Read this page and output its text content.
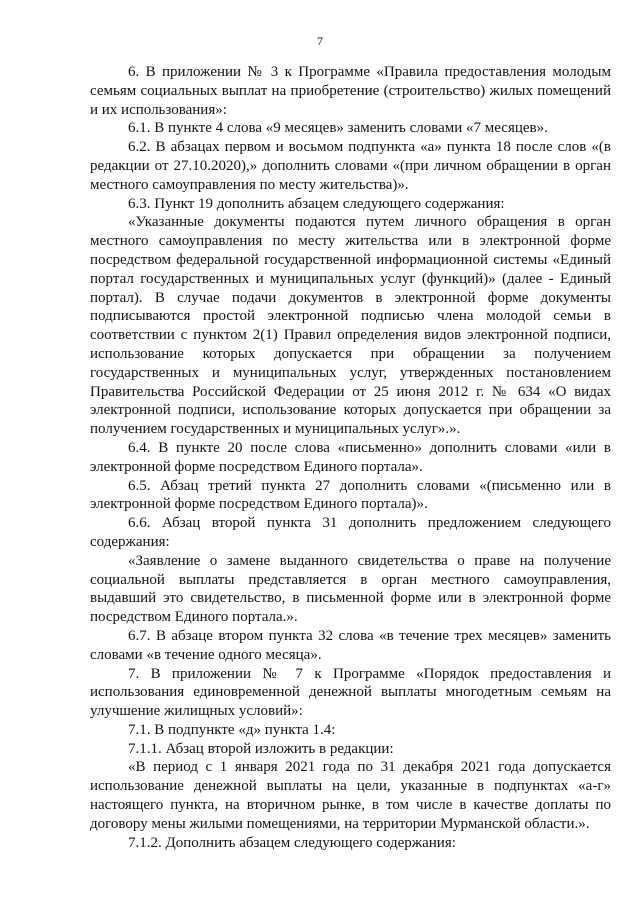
7

6. В приложении № 3 к Программе «Правила предоставления молодым семьям социальных выплат на приобретение (строительство) жилых помещений и их использования»:

6.1. В пункте 4 слова «9 месяцев» заменить словами «7 месяцев».

6.2. В абзацах первом и восьмом подпункта «а» пункта 18 после слов «(в редакции от 27.10.2020),» дополнить словами «(при личном обращении в орган местного самоуправления по месту жительства)».

6.3. Пункт 19 дополнить абзацем следующего содержания:

«Указанные документы подаются путем личного обращения в орган местного самоуправления по месту жительства или в электронной форме посредством федеральной государственной информационной системы «Единый портал государственных и муниципальных услуг (функций)» (далее - Единый портал). В случае подачи документов в электронной форме документы подписываются простой электронной подписью члена молодой семьи в соответствии с пунктом 2(1) Правил определения видов электронной подписи, использование которых допускается при обращении за получением государственных и муниципальных услуг, утвержденных постановлением Правительства Российской Федерации от 25 июня 2012 г. № 634 «О видах электронной подписи, использование которых допускается при обращении за получением государственных и муниципальных услуг».».

6.4. В пункте 20 после слова «письменно» дополнить словами «или в электронной форме посредством Единого портала».

6.5. Абзац третий пункта 27 дополнить словами «(письменно или в электронной форме посредством Единого портала)».

6.6. Абзац второй пункта 31 дополнить предложением следующего содержания:

«Заявление о замене выданного свидетельства о праве на получение социальной выплаты представляется в орган местного самоуправления, выдавший это свидетельство, в письменной форме или в электронной форме посредством Единого портала.».

6.7. В абзаце втором пункта 32 слова «в течение трех месяцев» заменить словами «в течение одного месяца».

7. В приложении № 7 к Программе «Порядок предоставления и использования единовременной денежной выплаты многодетным семьям на улучшение жилищных условий»:

7.1. В подпункте «д» пункта 1.4:

7.1.1. Абзац второй изложить в редакции:

«В период с 1 января 2021 года по 31 декабря 2021 года допускается использование денежной выплаты на цели, указанные в подпунктах «а-г» настоящего пункта, на вторичном рынке, в том числе в качестве доплаты по договору мены жилыми помещениями, на территории Мурманской области.».

7.1.2. Дополнить абзацем следующего содержания:
